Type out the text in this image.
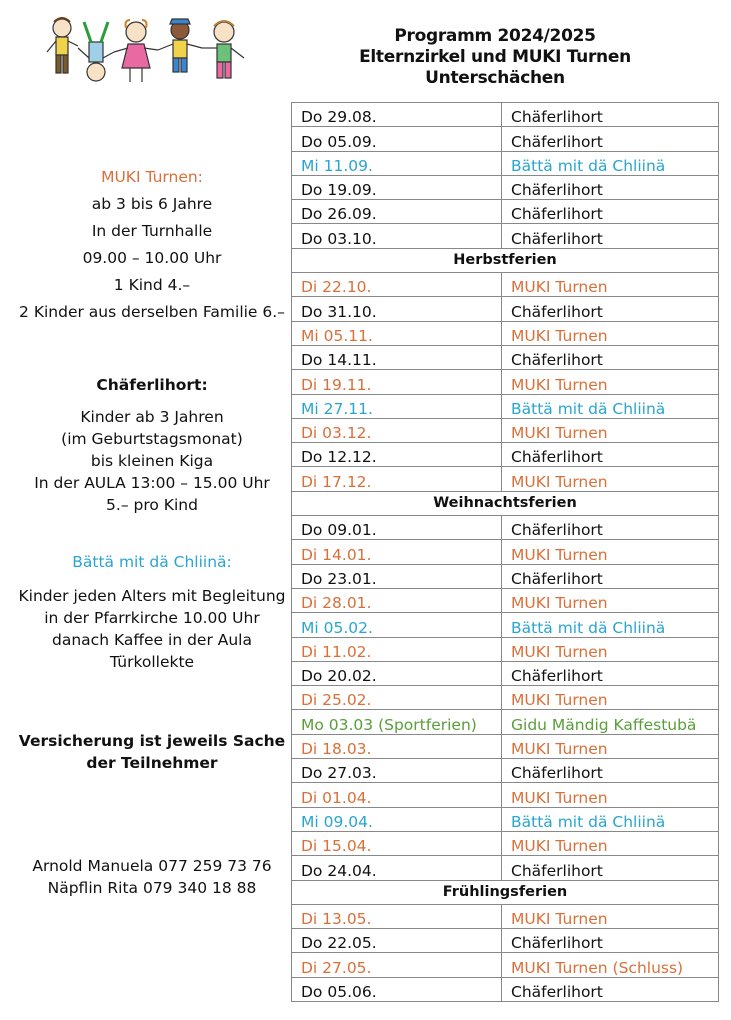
Programm 2024/2025
Elternzirkel und MUKI Turnen Unterschächen

MUKI Turnen:

ab 3 bis 6 Jahre

In der Turnhalle

09.00 – 10.00 Uhr

1 Kind 4.–

2 Kinder aus derselben Familie 6.–

Chäferlihort:

Kinder ab 3 Jahren

(im Geburtstagsmonat)

bis kleinen Kiga

In der AULA 13:00 – 15.00 Uhr

5.– pro Kind

Bättä mit dä Chliinä:

Kinder jeden Alters mit Begleitung

in der Pfarrkirche 10.00 Uhr

danach Kaffee in der Aula

Türkollekte

Versicherung ist jeweils Sache

der Teilnehmer

Arnold Manuela 077 259 73 76

Näpflin Rita 079 340 18 88

Do 29.08.	Chäferlihort
Do 05.09.	Chäferlihort
Mi 11.09.	Bättä mit dä Chliinä
Do 19.09.	Chäferlihort
Do 26.09.	Chäferlihort
Do 03.10.	Chäferlihort
Herbstferien	
Di 22.10.	MUKI Turnen
Do 31.10.	Chäferlihort
Mi 05.11.	MUKI Turnen
Do 14.11.	Chäferlihort
Di 19.11.	MUKI Turnen
Mi 27.11.	Bättä mit dä Chliinä
Di 03.12.	MUKI Turnen
Do 12.12.	Chäferlihort
Di 17.12.	MUKI Turnen
Weihnachtsferien	
Do 09.01.	Chäferlihort
Di 14.01.	MUKI Turnen
Do 23.01.	Chäferlihort
Di 28.01.	MUKI Turnen
Mi 05.02.	Bättä mit dä Chliinä
Di 11.02.	MUKI Turnen
Do 20.02.	Chäferlihort
Di 25.02.	MUKI Turnen
Mo 03.03 (Sportferien)	Gidu Mändig Kaffestubä
Di 18.03.	MUKI Turnen
Do 27.03.	Chäferlihort
Di 01.04.	MUKI Turnen
Mi 09.04.	Bättä mit dä Chliinä
Di 15.04.	MUKI Turnen
Do 24.04.	Chäferlihort
Frühlingsferien	
Di 13.05.	MUKI Turnen
Do 22.05.	Chäferlihort
Di 27.05.	MUKI Turnen (Schluss)
Do 05.06.	Chäferlihort
